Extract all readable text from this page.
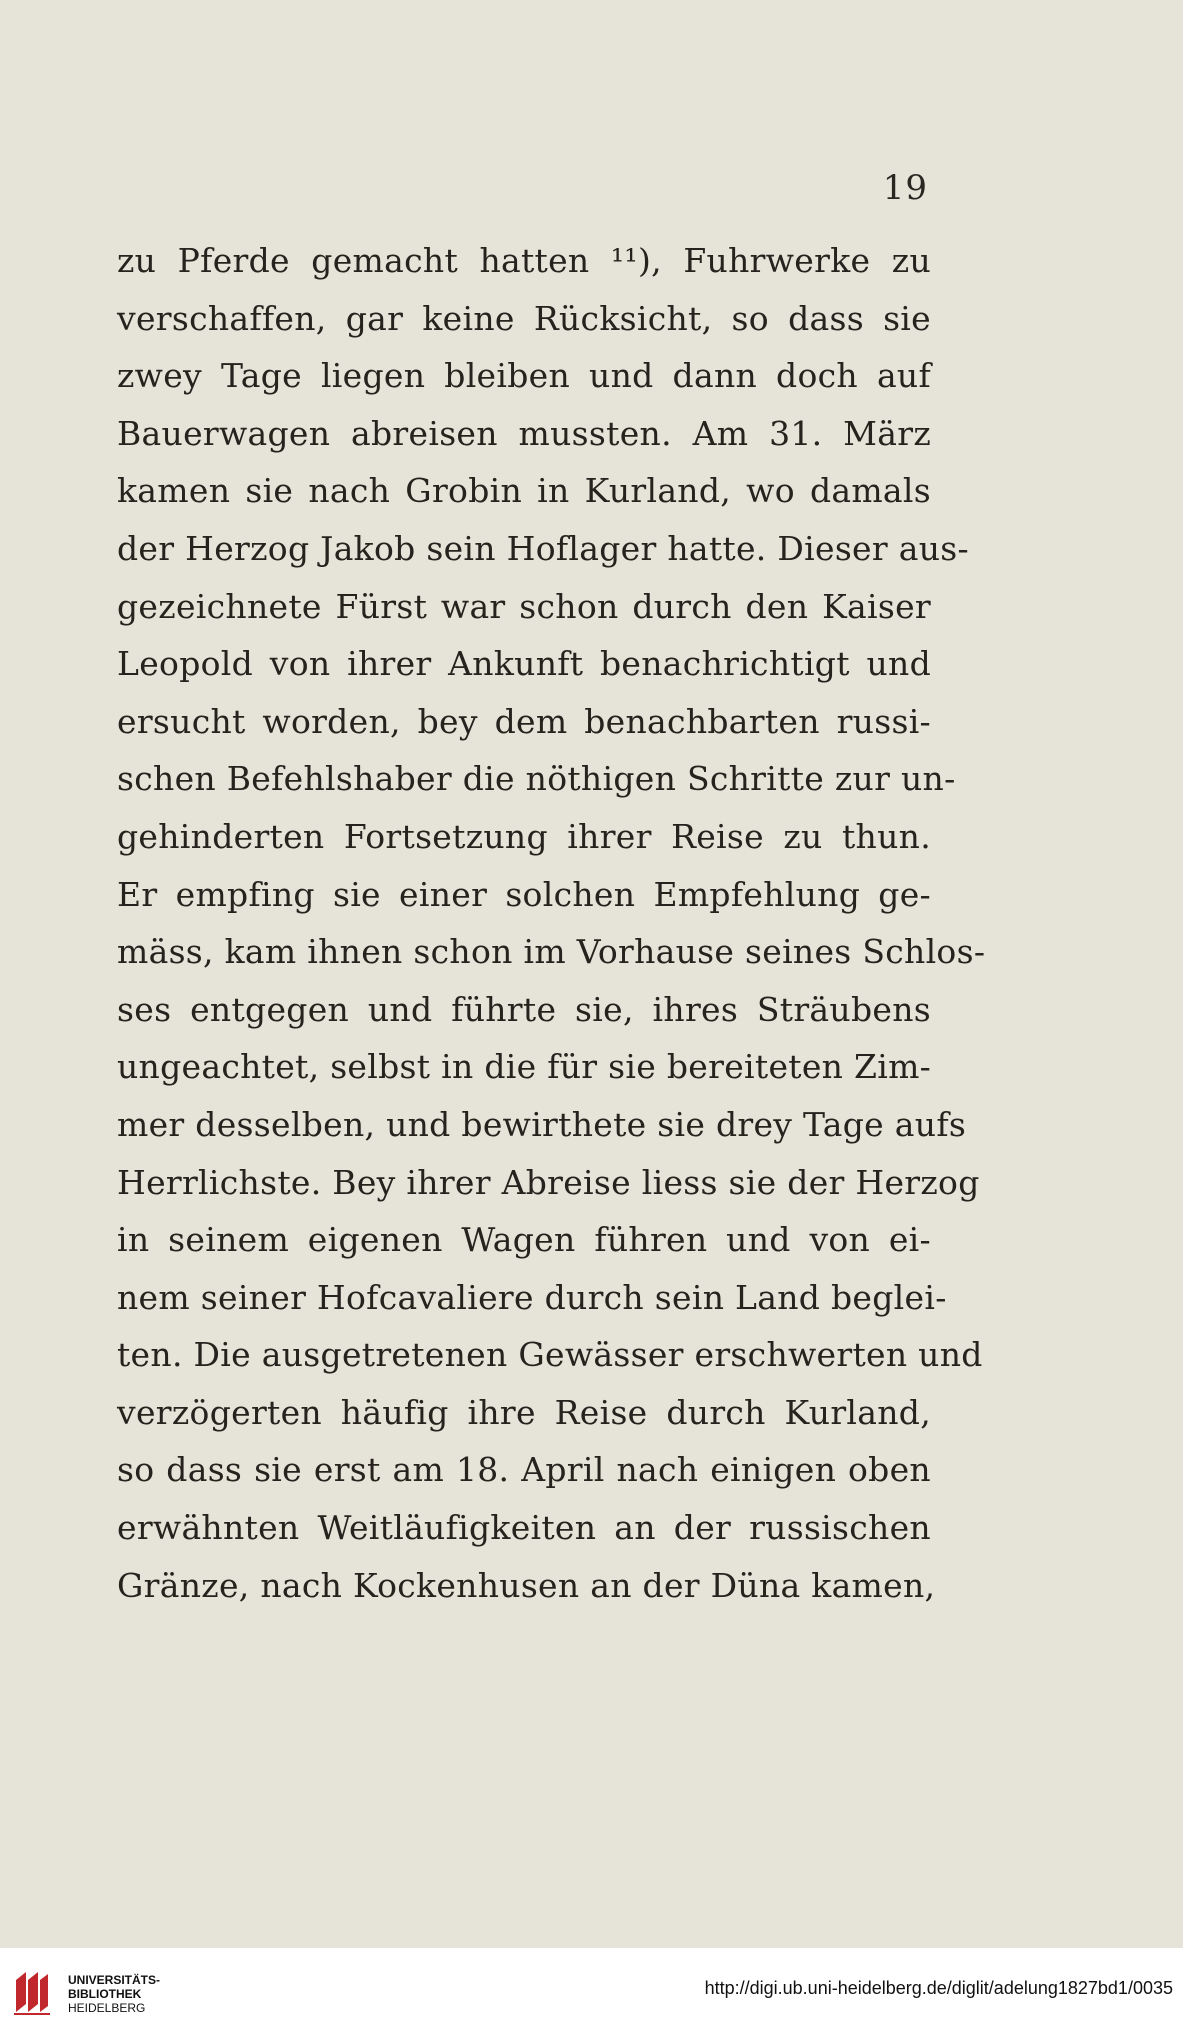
19
zu Pferde gemacht hatten ¹¹), Fuhrwerke zu
verschaffen, gar keine Rücksicht, so dass sie
zwey Tage liegen bleiben und dann doch auf
Bauerwagen abreisen mussten. Am 31. März
kamen sie nach Grobin in Kurland, wo damals
der Herzog Jakob sein Hoflager hatte. Dieser aus-
gezeichnete Fürst war schon durch den Kaiser
Leopold von ihrer Ankunft benachrichtigt und
ersucht worden, bey dem benachbarten russi-
schen Befehlshaber die nöthigen Schritte zur un-
gehinderten Fortsetzung ihrer Reise zu thun.
Er empfing sie einer solchen Empfehlung ge-
mäss, kam ihnen schon im Vorhause seines Schlos-
ses entgegen und führte sie, ihres Sträubens
ungeachtet, selbst in die für sie bereiteten Zim-
mer desselben, und bewirthete sie drey Tage aufs
Herrlichste. Bey ihrer Abreise liess sie der Herzog
in seinem eigenen Wagen führen und von ei-
nem seiner Hofcavaliere durch sein Land beglei-
ten. Die ausgetretenen Gewässer erschwerten und
verzögerten häufig ihre Reise durch Kurland,
so dass sie erst am 18. April nach einigen oben
erwähnten Weitläufigkeiten an der russischen
Gränze, nach Kockenhusen an der Düna kamen,
UNIVERSITÄTS-
BIBLIOTHEK
HEIDELBERG
http://digi.ub.uni-heidelberg.de/diglit/adelung1827bd1/0035
